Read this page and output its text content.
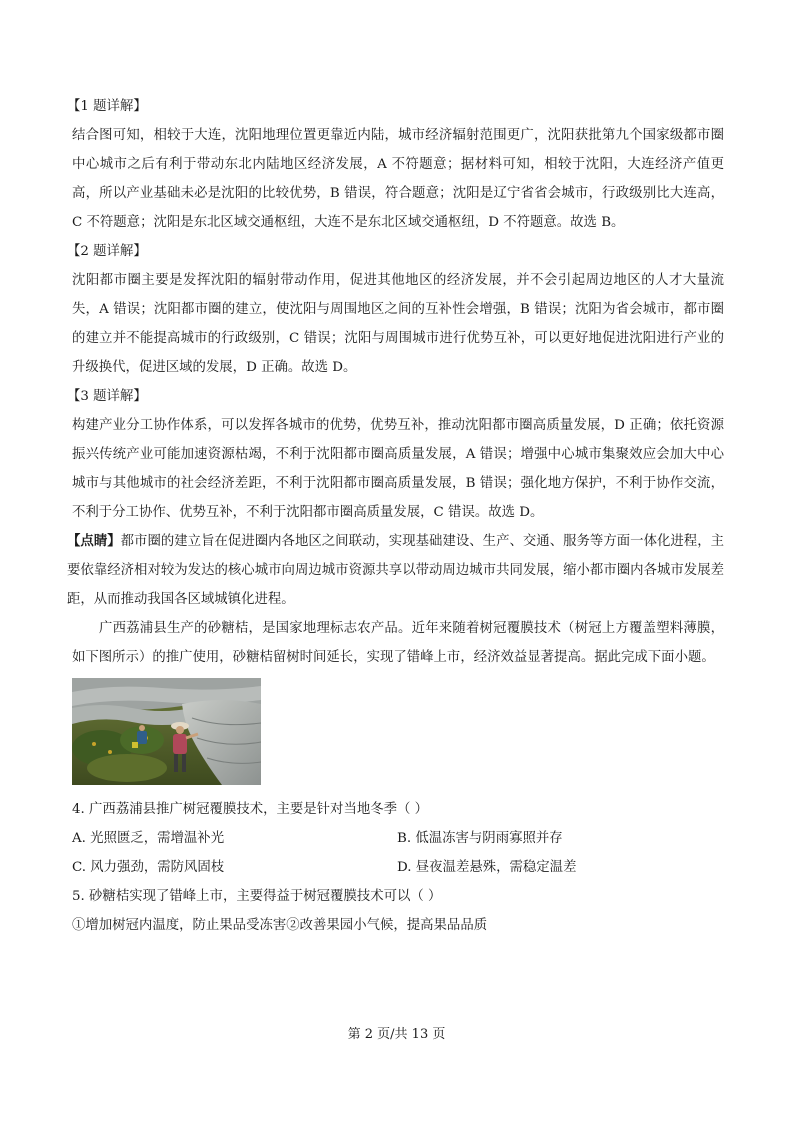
【1 题详解】

结合图可知，相较于大连，沈阳地理位置更靠近内陆，城市经济辐射范围更广，沈阳获批第九个国家级都市圈中心城市之后有利于带动东北内陆地区经济发展，A 不符题意；据材料可知，相较于沈阳，大连经济产值更高，所以产业基础未必是沈阳的比较优势，B 错误，符合题意；沈阳是辽宁省省会城市，行政级别比大连高，C 不符题意；沈阳是东北区域交通枢纽，大连不是东北区域交通枢纽，D 不符题意。故选 B。

【2 题详解】

沈阳都市圈主要是发挥沈阳的辐射带动作用，促进其他地区的经济发展，并不会引起周边地区的人才大量流失，A 错误；沈阳都市圈的建立，使沈阳与周围地区之间的互补性会增强，B 错误；沈阳为省会城市，都市圈的建立并不能提高城市的行政级别，C 错误；沈阳与周围城市进行优势互补，可以更好地促进沈阳进行产业的升级换代，促进区域的发展，D 正确。故选 D。

【3 题详解】

构建产业分工协作体系，可以发挥各城市的优势，优势互补，推动沈阳都市圈高质量发展，D 正确；依托资源振兴传统产业可能加速资源枯竭，不利于沈阳都市圈高质量发展，A 错误；增强中心城市集聚效应会加大中心城市与其他城市的社会经济差距，不利于沈阳都市圈高质量发展，B 错误；强化地方保护，不利于协作交流，不利于分工协作、优势互补，不利于沈阳都市圈高质量发展，C 错误。故选 D。

【点睛】都市圈的建立旨在促进圈内各地区之间联动，实现基础建设、生产、交通、服务等方面一体化进程，主要依靠经济相对较为发达的核心城市向周边城市资源共享以带动周边城市共同发展，缩小都市圈内各城市发展差距，从而推动我国各区域城镇化进程。

广西荔浦县生产的砂糖桔，是国家地理标志农产品。近年来随着树冠覆膜技术（树冠上方覆盖塑料薄膜，如下图所示）的推广使用，砂糖桔留树时间延长，实现了错峰上市，经济效益显著提高。据此完成下面小题。

4. 广西荔浦县推广树冠覆膜技术，主要是针对当地冬季（ ）

A. 光照匮乏，需增温补光	B. 低温冻害与阴雨寡照并存
C. 风力强劲，需防风固枝	D. 昼夜温差悬殊，需稳定温差

5. 砂糖桔实现了错峰上市，主要得益于树冠覆膜技术可以（ ）

①增加树冠内温度，防止果品受冻害②改善果园小气候，提高果品品质

第 2 页/共 13 页
